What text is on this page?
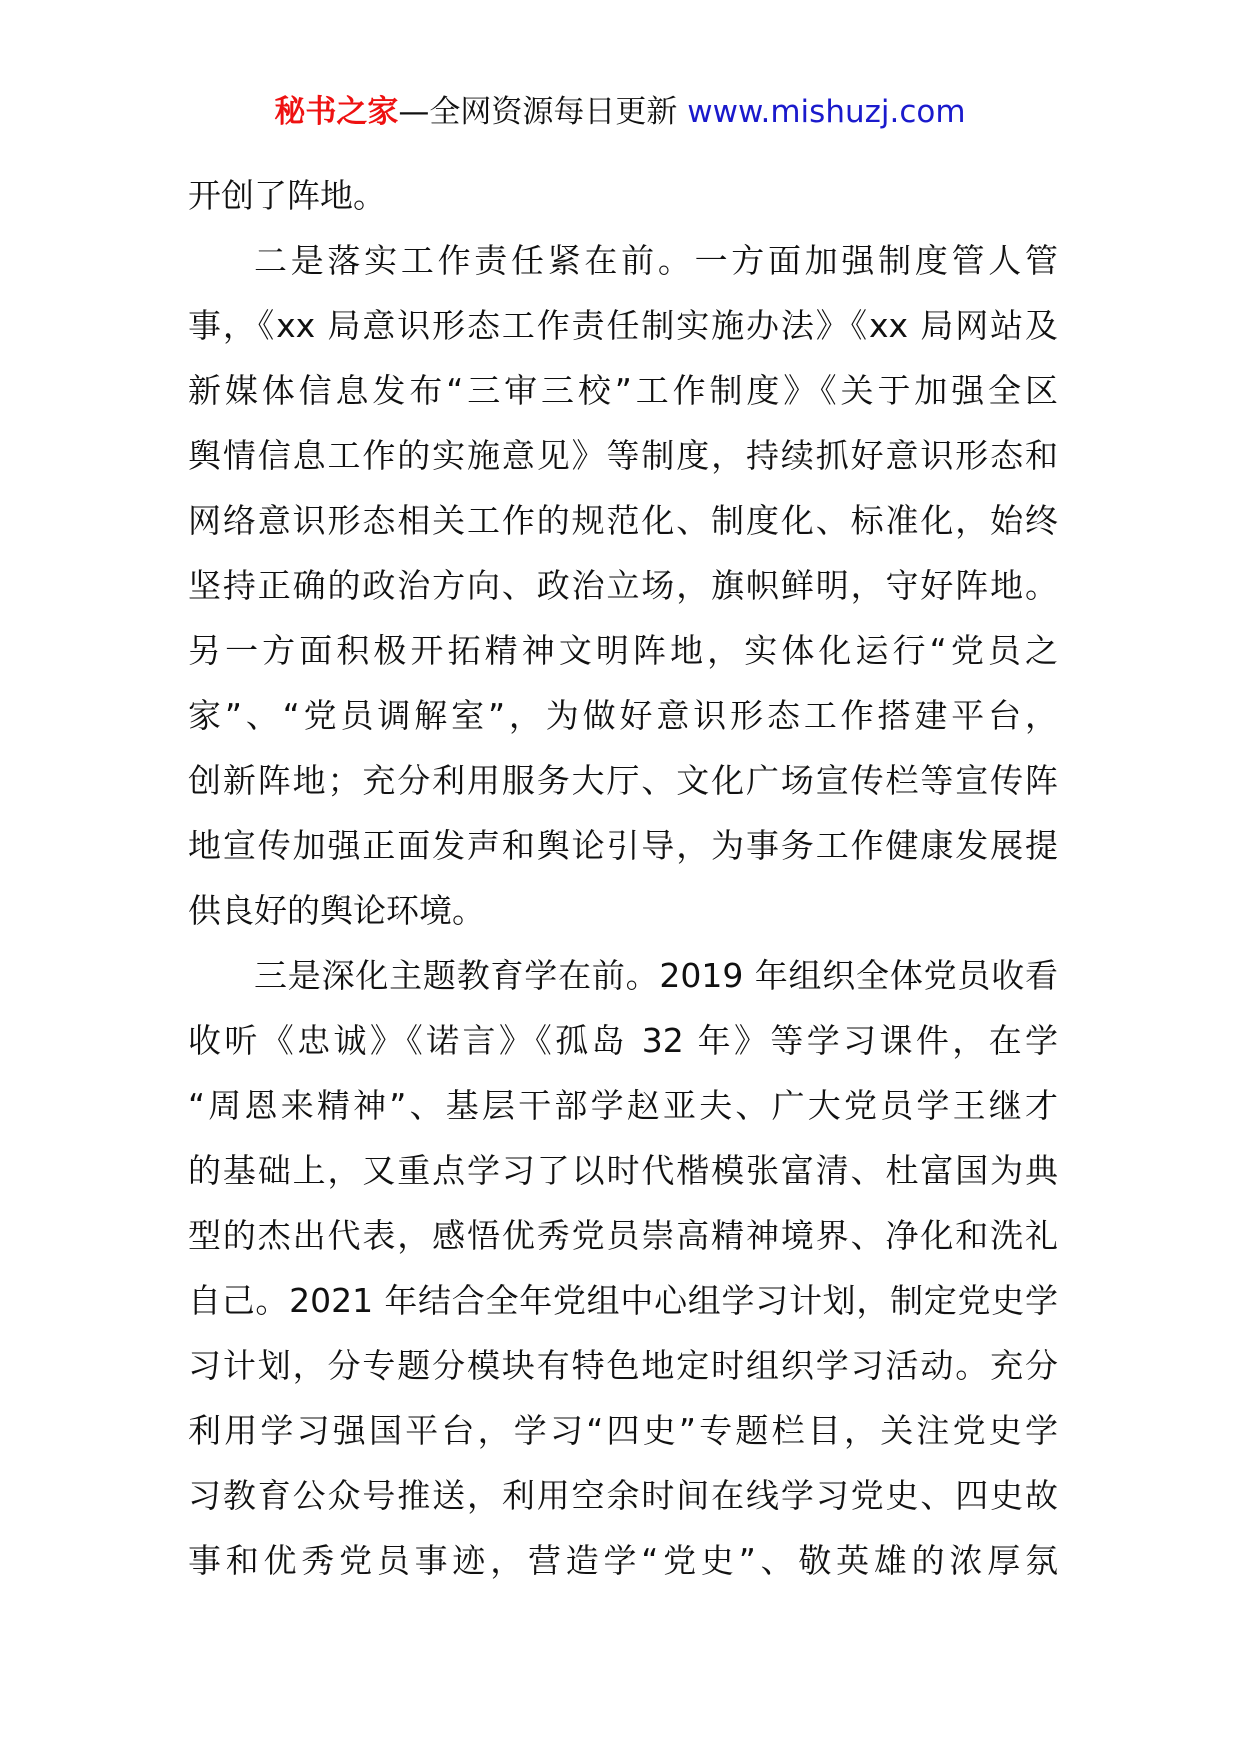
秘书之家—全网资源每日更新 www.mishuzj.com
开创了阵地。
二是落实工作责任紧在前。一方面加强制度管人管
事，《xx 局意识形态工作责任制实施办法》《xx 局网站及
新媒体信息发布“三审三校”工作制度》《关于加强全区
舆情信息工作的实施意见》等制度，持续抓好意识形态和
网络意识形态相关工作的规范化、制度化、标准化，始终
坚持正确的政治方向、政治立场，旗帜鲜明，守好阵地。
另一方面积极开拓精神文明阵地，实体化运行“党员之
家”、“党员调解室”，为做好意识形态工作搭建平台，
创新阵地；充分利用服务大厅、文化广场宣传栏等宣传阵
地宣传加强正面发声和舆论引导，为事务工作健康发展提
供良好的舆论环境。
三是深化主题教育学在前。2019 年组织全体党员收看
收听《忠诚》《诺言》《孤岛 32 年》等学习课件，在学
“周恩来精神”、基层干部学赵亚夫、广大党员学王继才
的基础上，又重点学习了以时代楷模张富清、杜富国为典
型的杰出代表，感悟优秀党员崇高精神境界、净化和洗礼
自己。2021 年结合全年党组中心组学习计划，制定党史学
习计划，分专题分模块有特色地定时组织学习活动。充分
利用学习强国平台，学习“四史”专题栏目，关注党史学
习教育公众号推送，利用空余时间在线学习党史、四史故
事和优秀党员事迹，营造学“党史”、敬英雄的浓厚氛
